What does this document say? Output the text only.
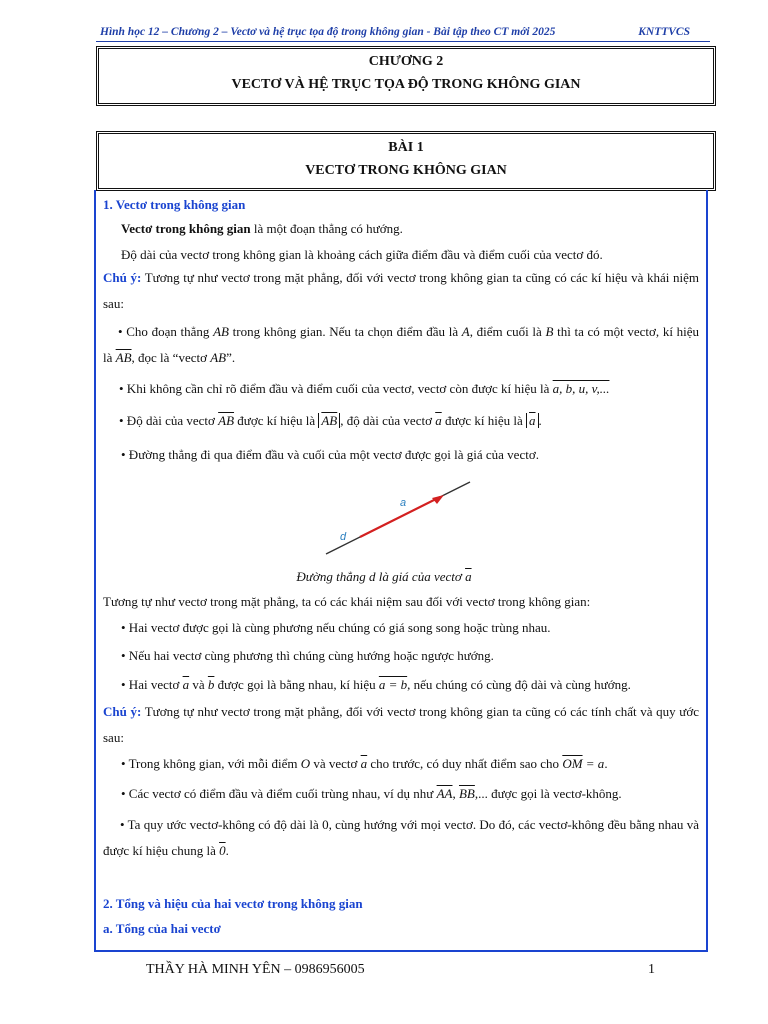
Hình học 12 – Chương 2 – Vectơ và hệ trục tọa độ trong không gian - Bài tập theo CT mới 2025	KNTTVCS
CHƯƠNG 2
VECTƠ VÀ HỆ TRỤC TỌA ĐỘ TRONG KHÔNG GIAN
BÀI 1
VECTƠ TRONG KHÔNG GIAN
1. Vectơ trong không gian
Vectơ trong không gian là một đoạn thẳng có hướng.
Độ dài của vectơ trong không gian là khoảng cách giữa điểm đầu và điểm cuối của vectơ đó.
Chú ý: Tương tự như vectơ trong mặt phẳng, đối với vectơ trong không gian ta cũng có các kí hiệu và khái niệm sau:
• Cho đoạn thẳng AB trong không gian. Nếu ta chọn điểm đầu là A, điểm cuối là B thì ta có một vectơ, kí hiệu là $\overline{AB}$, đọc là “vectơ AB”.
• Khi không cần chỉ rõ điểm đầu và điểm cuối của vectơ, vectơ còn được kí hiệu là a, b, u, v,...
• Độ dài của vectơ $\overline{AB}$ được kí hiệu là $\overline{AB}$ , độ dài của vectơ $\overline{a}$ được kí hiệu là $\overline{a}$ .
• Đường thẳng đi qua điểm đầu và cuối của một vectơ được gọi là giá của vectơ.
a
d
Đường thẳng d là giá của vectơ $\overline{a}$
Tương tự như vectơ trong mặt phẳng, ta có các khái niệm sau đối với vectơ trong không gian:
• Hai vectơ được gọi là cùng phương nếu chúng có giá song song hoặc trùng nhau.
• Nếu hai vectơ cùng phương thì chúng cùng hướng hoặc ngược hướng.
• Hai vectơ $\overline{a}$ và $\overline{b}$ được gọi là bằng nhau, kí hiệu a = b, nếu chúng có cùng độ dài và cùng hướng.
Chú ý: Tương tự như vectơ trong mặt phẳng, đối với vectơ trong không gian ta cũng có các tính chất và quy ước sau:
• Trong không gian, với mỗi điểm O và vectơ $\overline{a}$ cho trước, có duy nhất điểm sao cho $\overline{OM} = a$.
• Các vectơ có điểm đầu và điểm cuối trùng nhau, ví dụ như $\overline{AA}$, $\overline{BB}$,... được gọi là vectơ-không.
• Ta quy ước vectơ-không có độ dài là 0, cùng hướng với mọi vectơ. Do đó, các vectơ-không đều bằng nhau và được kí hiệu chung là 0.
2. Tổng và hiệu của hai vectơ trong không gian
a. Tổng của hai vectơ
THẦY HÀ MINH YÊN – 0986956005	1
